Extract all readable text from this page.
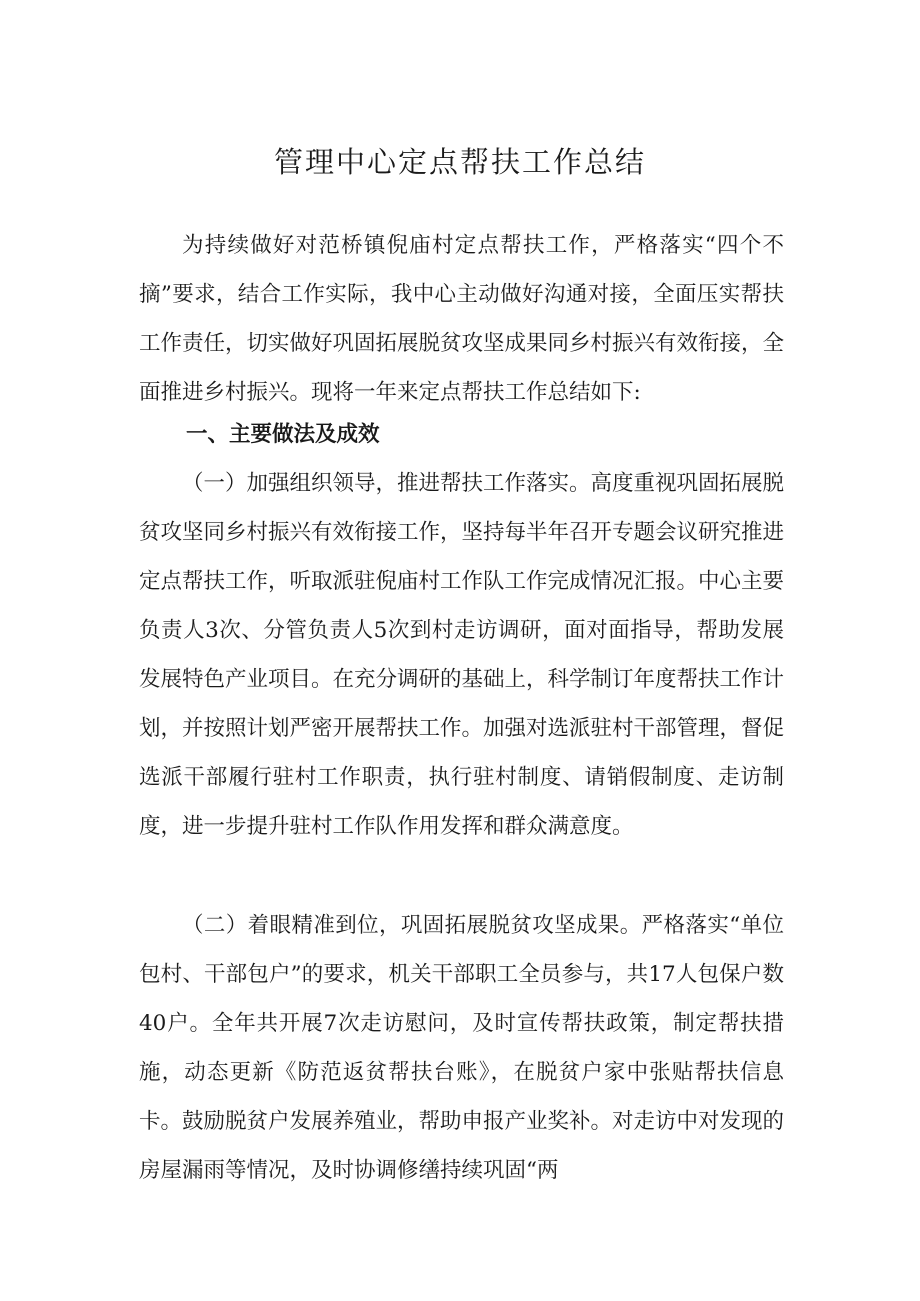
管理中心定点帮扶工作总结

为持续做好对范桥镇倪庙村定点帮扶工作，严格落实“四个不摘”要求，结合工作实际，我中心主动做好沟通对接，全面压实帮扶工作责任，切实做好巩固拓展脱贫攻坚成果同乡村振兴有效衔接，全面推进乡村振兴。现将一年来定点帮扶工作总结如下:

一、主要做法及成效

（一）加强组织领导，推进帮扶工作落实。高度重视巩固拓展脱贫攻坚同乡村振兴有效衔接工作，坚持每半年召开专题会议研究推进定点帮扶工作，听取派驻倪庙村工作队工作完成情况汇报。中心主要负责人3次、分管负责人5次到村走访调研，面对面指导，帮助发展发展特色产业项目。在充分调研的基础上，科学制订年度帮扶工作计划，并按照计划严密开展帮扶工作。加强对选派驻村干部管理，督促选派干部履行驻村工作职责，执行驻村制度、请销假制度、走访制度，进一步提升驻村工作队作用发挥和群众满意度。

（二）着眼精准到位，巩固拓展脱贫攻坚成果。严格落实“单位包村、干部包户”的要求，机关干部职工全员参与，共17人包保户数40户。全年共开展7次走访慰问，及时宣传帮扶政策，制定帮扶措施，动态更新《防范返贫帮扶台账》，在脱贫户家中张贴帮扶信息卡。鼓励脱贫户发展养殖业，帮助申报产业奖补。对走访中对发现的房屋漏雨等情况，及时协调修缮持续巩固“两
